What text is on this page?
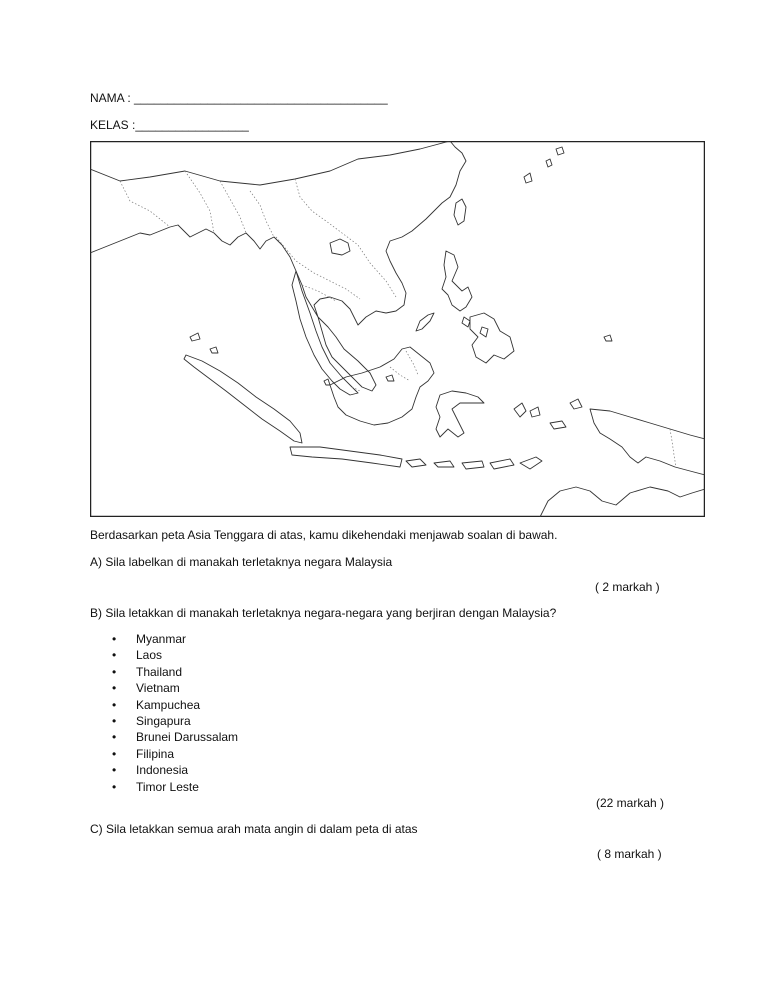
NAMA : ______________________________________
KELAS :_________________
Berdasarkan peta Asia Tenggara di atas, kamu dikehendaki menjawab soalan di bawah.
A) Sila labelkan di manakah terletaknya negara Malaysia
( 2 markah )
B) Sila letakkan di manakah terletaknya negara-negara yang berjiran dengan Malaysia?
• Myanmar
• Laos
• Thailand
• Vietnam
• Kampuchea
• Singapura
• Brunei Darussalam
• Filipina
• Indonesia
• Timor Leste
(22 markah )
C) Sila letakkan semua arah mata angin di dalam peta di atas
( 8 markah )
